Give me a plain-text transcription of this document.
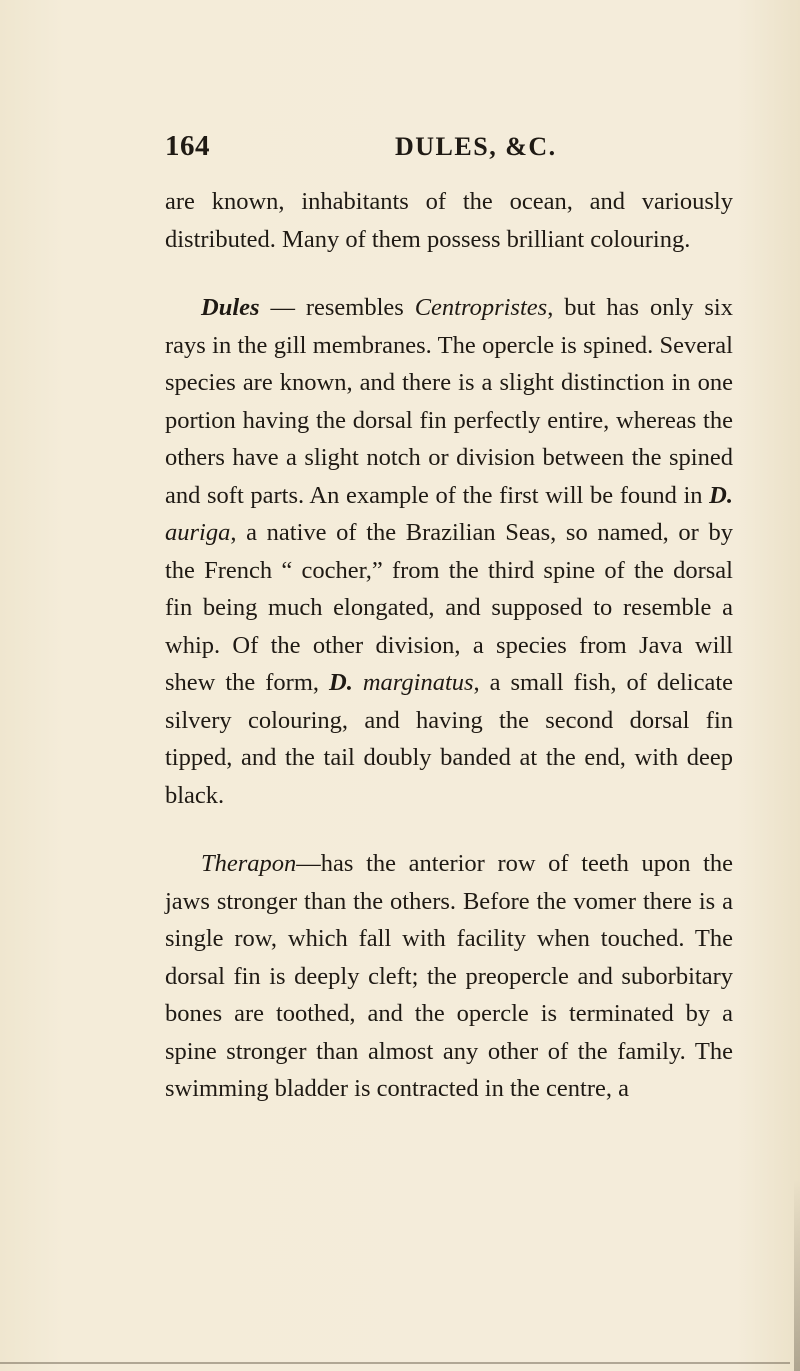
164	DULES, &C.

are known, inhabitants of the ocean, and variously distributed. Many of them possess brilliant colouring.

Dules — resembles Centropristes, but has only six rays in the gill membranes. The opercle is spined. Several species are known, and there is a slight distinction in one portion having the dorsal fin perfectly entire, whereas the others have a slight notch or division between the spined and soft parts. An example of the first will be found in D. auriga, a native of the Brazilian Seas, so named, or by the French “ cocher,” from the third spine of the dorsal fin being much elongated, and supposed to resemble a whip. Of the other division, a species from Java will shew the form, D. marginatus, a small fish, of delicate silvery colouring, and having the second dorsal fin tipped, and the tail doubly banded at the end, with deep black.

Therapon—has the anterior row of teeth upon the jaws stronger than the others. Before the vomer there is a single row, which fall with facility when touched. The dorsal fin is deeply cleft; the preopercle and suborbitary bones are toothed, and the opercle is terminated by a spine stronger than almost any other of the family. The swimming bladder is contracted in the centre, a
